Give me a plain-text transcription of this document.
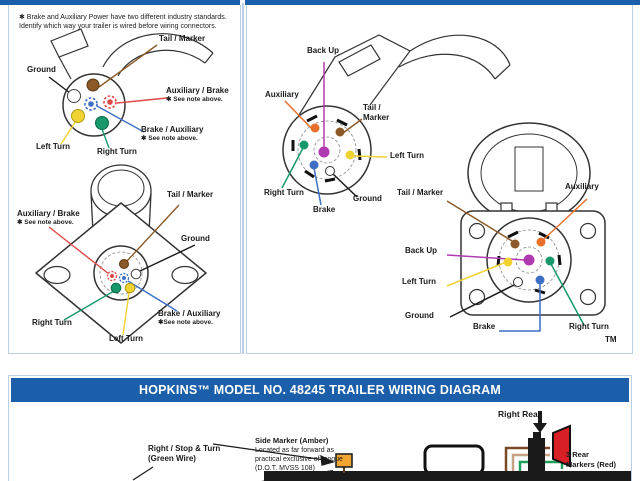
✱ Brake and Auxiliary Power have two different industry standards.
Identify which way your trailer is wired before wiring connectors.
Tail / Marker
Ground
Auxiliary / Brake
✱ See note above.
Brake / Auxiliary
✱ See note above.
Left Turn
Right Turn
Tail / Marker
Auxiliary / Brake
✱ See note above.
Ground
Brake / Auxiliary
✱See note above.
Right Turn
Left Turn
Back Up
Auxiliary
Tail /
Marker
Left Turn
Right Turn
Brake
Ground
Tail / Marker
Auxiliary
Back Up
Left Turn
Ground
Brake	Right Turn
TM
HOPKINS™ MODEL NO. 48245 TRAILER WIRING DIAGRAM
Right / Stop & Turn
(Green Wire)
Side Marker (Amber)
Located as far forward as
practical exclusive of tongue
(D.O.T. MVSS 108)
Right Rear
3 Rear
Markers (Red)
Needed For
